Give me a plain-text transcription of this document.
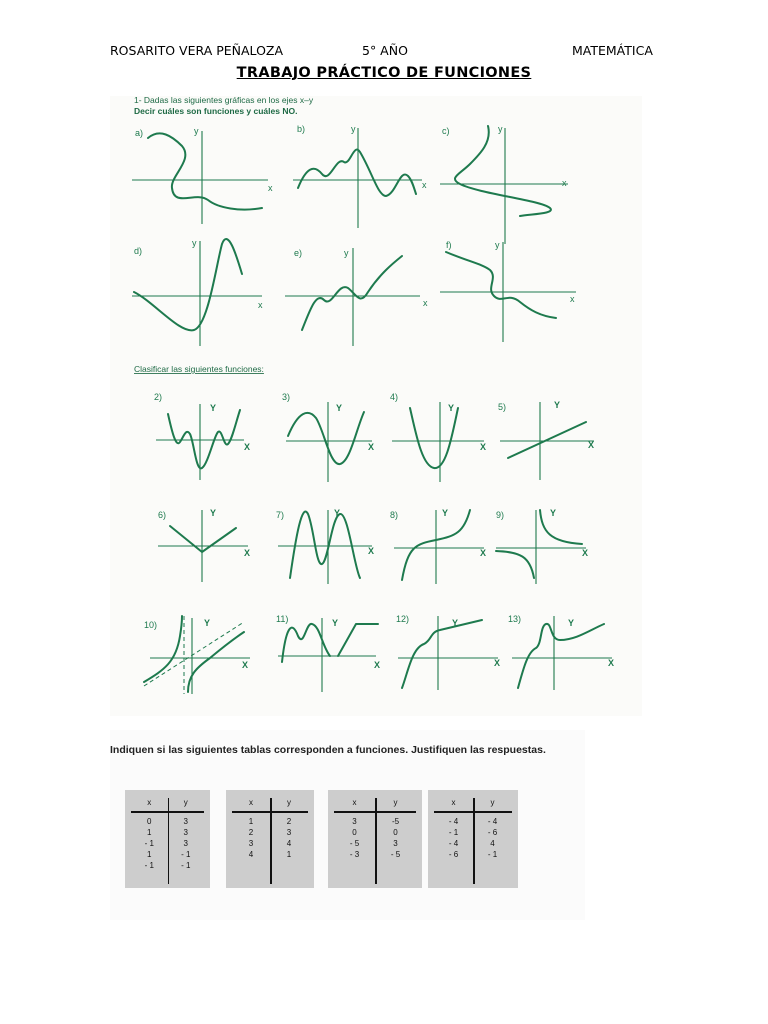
ROSARITO VERA PEÑALOZA	5° AÑO	MATEMÁTICA
TRABAJO PRÁCTICO DE FUNCIONES
1- Dadas las siguientes gráficas en los ejes x–y
Decir cuáles son funciones y cuáles NO.
a)
x
y	b)
x
y	c)
x
y
d)
x
y
e)
x
y
f)
x
y
Clasificar las siguientes funciones:
2)
X
Y
3)
X
Y
4)
X
Y	5)
X
Y
6)
X
Y	7)
X
Y	8)
X
Y	9)
X
Y
10)
X
Y	11)
X
Y	12)
X
Y	13)
X
Y
Indiquen si las siguientes tablas corresponden a funciones. Justifiquen las respuestas.
x	y
0	3
1	3
- 1	3
1	- 1
- 1	- 1
x	y
1	2
2	3
3	4
4	1
x	y
3	-5
0	0
- 5	3
- 3	- 5
x	y
- 4	- 4
- 1	- 6
- 4	4
- 6	- 1
